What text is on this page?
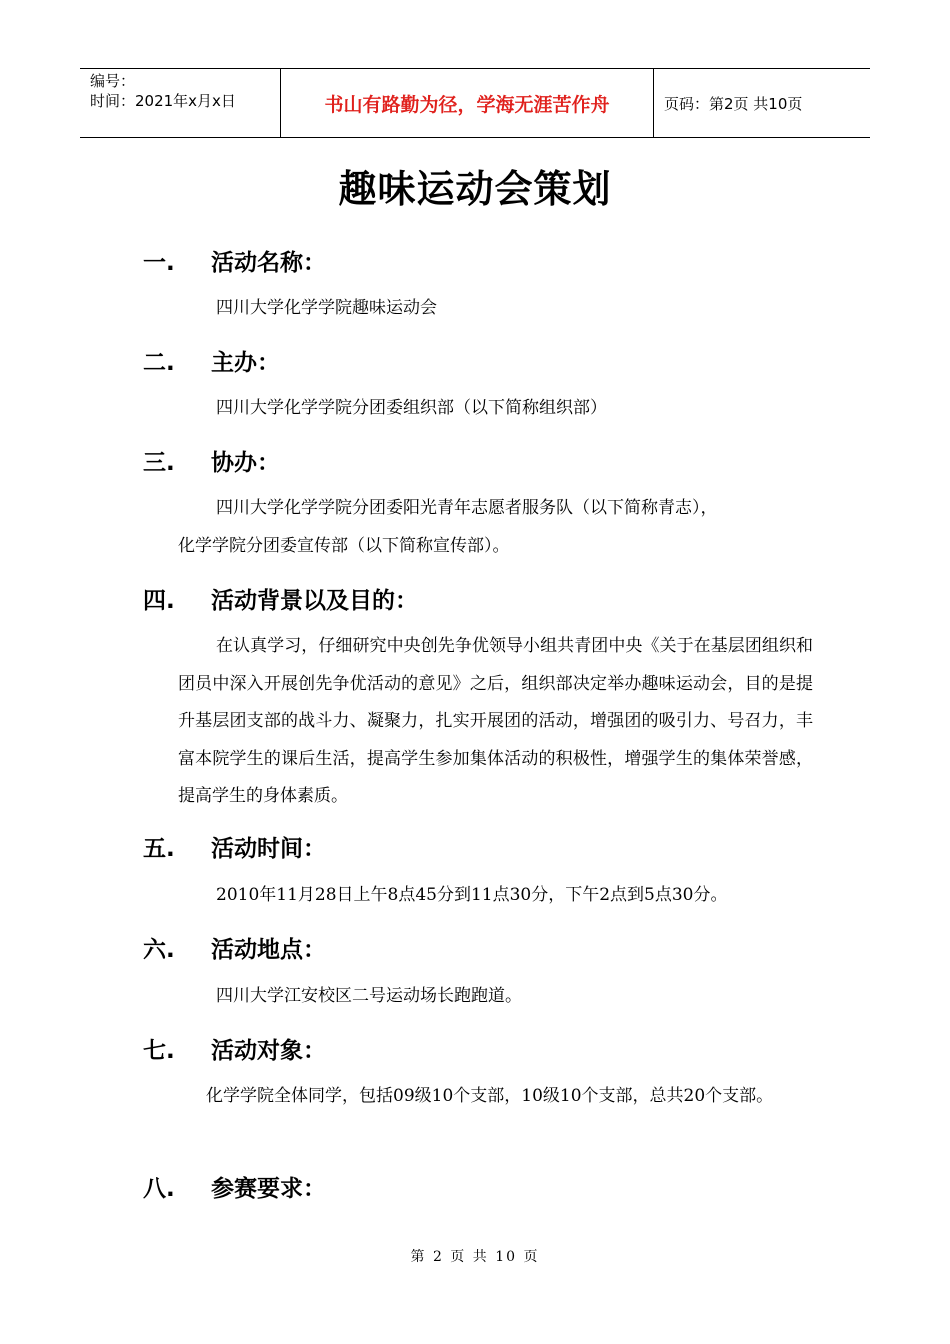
编号：
时间：2021年x月x日	书山有路勤为径，学海无涯苦作舟	页码：第2页 共10页
趣味运动会策划
一.	活动名称：
四川大学化学学院趣味运动会
二.	主办：
四川大学化学学院分团委组织部（以下简称组织部）
三.	协办：
四川大学化学学院分团委阳光青年志愿者服务队（以下简称青志），
化学学院分团委宣传部（以下简称宣传部）。
四.	活动背景以及目的：
在认真学习，仔细研究中央创先争优领导小组共青团中央《关于在基层团组织和团员中深入开展创先争优活动的意见》之后，组织部决定举办趣味运动会，目的是提升基层团支部的战斗力、凝聚力，扎实开展团的活动，增强团的吸引力、号召力，丰富本院学生的课后生活，提高学生参加集体活动的积极性，增强学生的集体荣誉感，提高学生的身体素质。
五.	活动时间：
2010年11月28日上午8点45分到11点30分，下午2点到5点30分。
六.	活动地点：
四川大学江安校区二号运动场长跑跑道。
七.	活动对象：
化学学院全体同学，包括09级10个支部，10级10个支部，总共20个支部。
八.	参赛要求：
第 2 页 共 10 页
